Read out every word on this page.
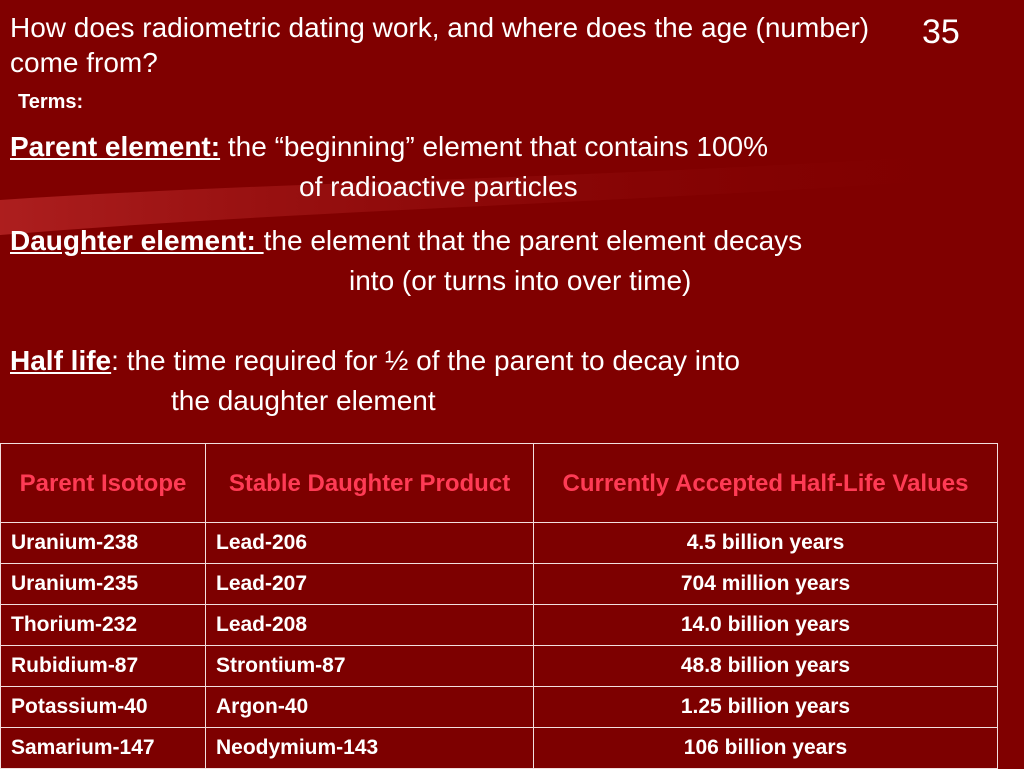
How does radiometric dating work, and where does the age (number) come from?
35
Terms:
Parent element: the “beginning” element that contains 100%
of radioactive particles
Daughter element: the element that the parent element decays
into (or turns into over time)
Half life: the time required for ½ of the parent to decay into
the daughter element
Parent Isotope	Stable Daughter Product	Currently Accepted Half-Life Values
Uranium-238	Lead-206	4.5 billion years
Uranium-235	Lead-207	704 million years
Thorium-232	Lead-208	14.0 billion years
Rubidium-87	Strontium-87	48.8 billion years
Potassium-40	Argon-40	1.25 billion years
Samarium-147	Neodymium-143	106 billion years
